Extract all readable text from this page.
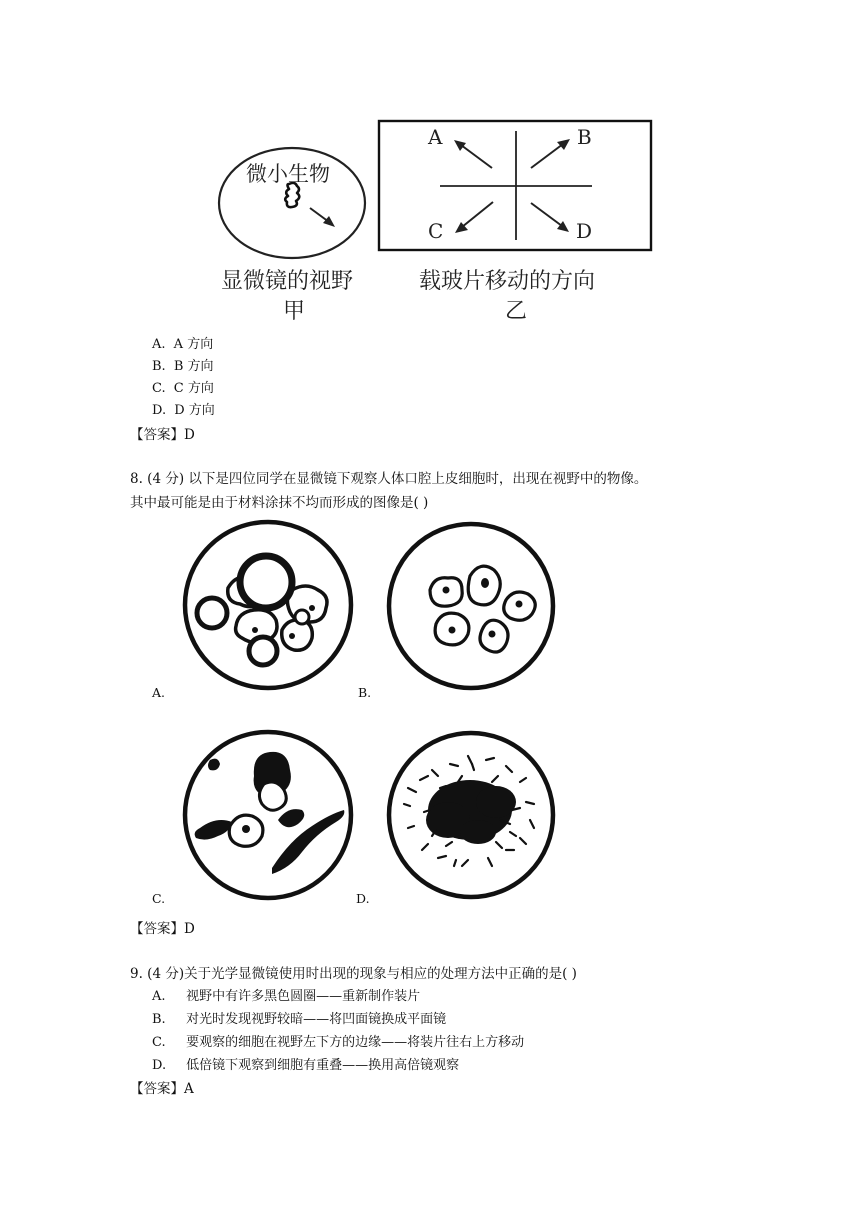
微小生物
A	B
C	D
显微镜的视野
甲
载玻片移动的方向
乙
A. A 方向
B. B 方向
C. C 方向
D. D 方向
【答案】D
8. (4 分) 以下是四位同学在显微镜下观察人体口腔上皮细胞时，出现在视野中的物像。
其中最可能是由于材料涂抹不均而形成的图像是( )
A.	B.
C.	D.
【答案】D
9. (4 分)关于光学显微镜使用时出现的现象与相应的处理方法中正确的是( )
A. 视野中有许多黑色圆圈——重新制作装片
B. 对光时发现视野较暗——将凹面镜换成平面镜
C. 要观察的细胞在视野左下方的边缘——将装片往右上方移动
D. 低倍镜下观察到细胞有重叠——换用高倍镜观察
【答案】A
